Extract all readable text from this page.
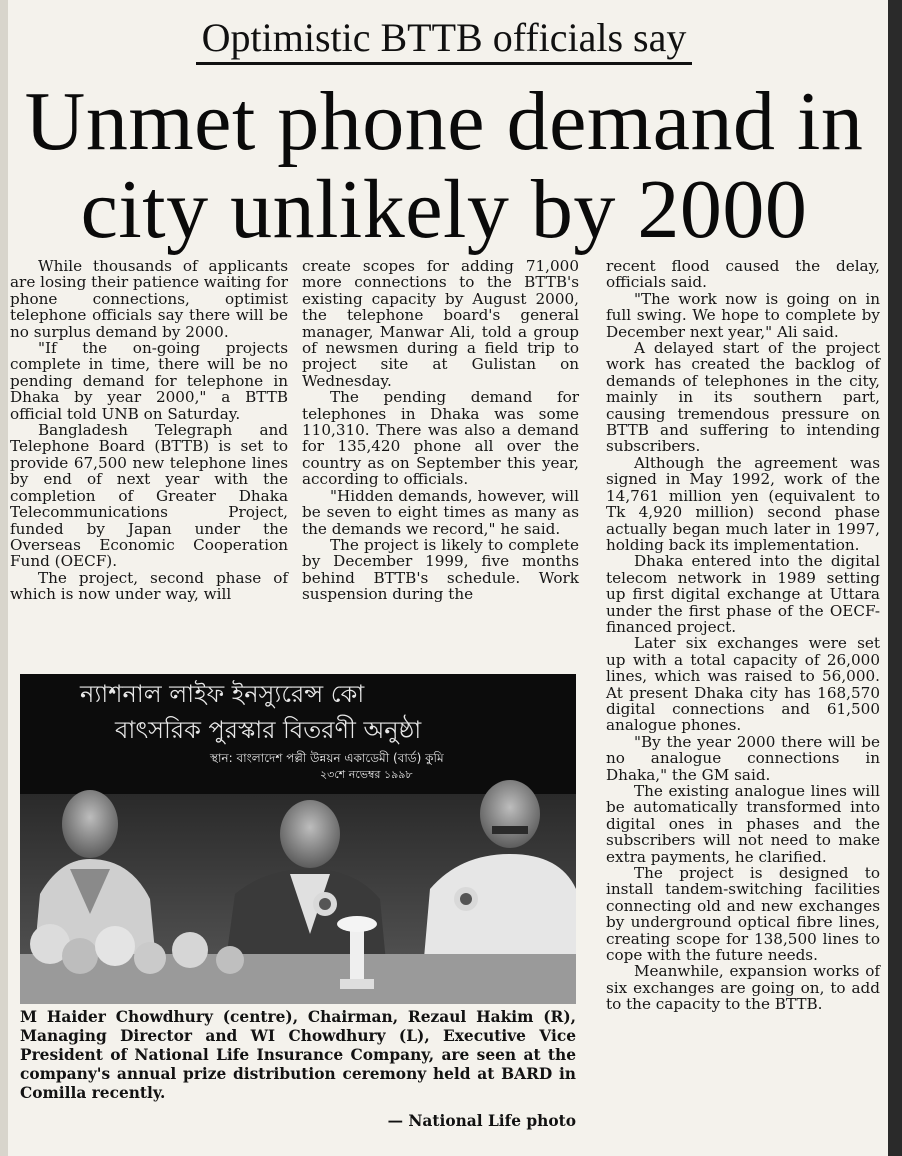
Optimistic BTTB officials say
Unmet phone demand in city unlikely by 2000

While thousands of applicants are losing their patience waiting for phone connections, optimist telephone officials say there will be no surplus demand by 2000.

"If the on-going projects complete in time, there will be no pending demand for telephone in Dhaka by year 2000," a BTTB official told UNB on Saturday.

Bangladesh Telegraph and Telephone Board (BTTB) is set to provide 67,500 new telephone lines by end of next year with the completion of Greater Dhaka Telecommunications Project, funded by Japan under the Overseas Economic Cooperation Fund (OECF).

The project, second phase of which is now under way, will

create scopes for adding 71,000 more connections to the BTTB's existing capacity by August 2000, the telephone board's general manager, Manwar Ali, told a group of newsmen during a field trip to project site at Gulistan on Wednesday.

The pending demand for telephones in Dhaka was some 110,310. There was also a demand for 135,420 phone all over the country as on September this year, according to officials.

"Hidden demands, however, will be seven to eight times as many as the demands we record," he said.

The project is likely to complete by December 1999, five months behind BTTB's schedule. Work suspension during the

recent flood caused the delay, officials said.

"The work now is going on in full swing. We hope to complete by December next year," Ali said.

A delayed start of the project work has created the backlog of demands of telephones in the city, mainly in its southern part, causing tremendous pressure on BTTB and suffering to intending subscribers.

Although the agreement was signed in May 1992, work of the 14,761 million yen (equivalent to Tk 4,920 million) second phase actually began much later in 1997, holding back its implementation.

Dhaka entered into the digital telecom network in 1989 setting up first digital exchange at Uttara under the first phase of the OECF-financed project.

Later six exchanges were set up with a total capacity of 26,000 lines, which was raised to 56,000. At present Dhaka city has 168,570 digital connections and 61,500 analogue phones.

"By the year 2000 there will be no analogue connections in Dhaka," the GM said.

The existing analogue lines will be automatically transformed into digital ones in phases and the subscribers will not need to make extra payments, he clarified.

The project is designed to install tandem-switching facilities connecting old and new exchanges by underground optical fibre lines, creating scope for 138,500 lines to cope with the future needs.

Meanwhile, expansion works of six exchanges are going on, to add to the capacity to the BTTB.

ন্যাশনাল লাইফ ইনস্যুরেন্স কো
বাৎসরিক পুরস্কার বিতরণী অনুষ্ঠা
স্থান: বাংলাদেশ পল্লী উন্নয়ন একাডেমী (বার্ড) কুমি
২৩শে নভেম্বর ১৯৯৮
M Haider Chowdhury (centre), Chairman, Rezaul Hakim (R), Managing Director and WI Chowdhury (L), Executive Vice President of National Life Insurance Company, are seen at the company's annual prize distribution ceremony held at BARD in Comilla recently.
— National Life photo
